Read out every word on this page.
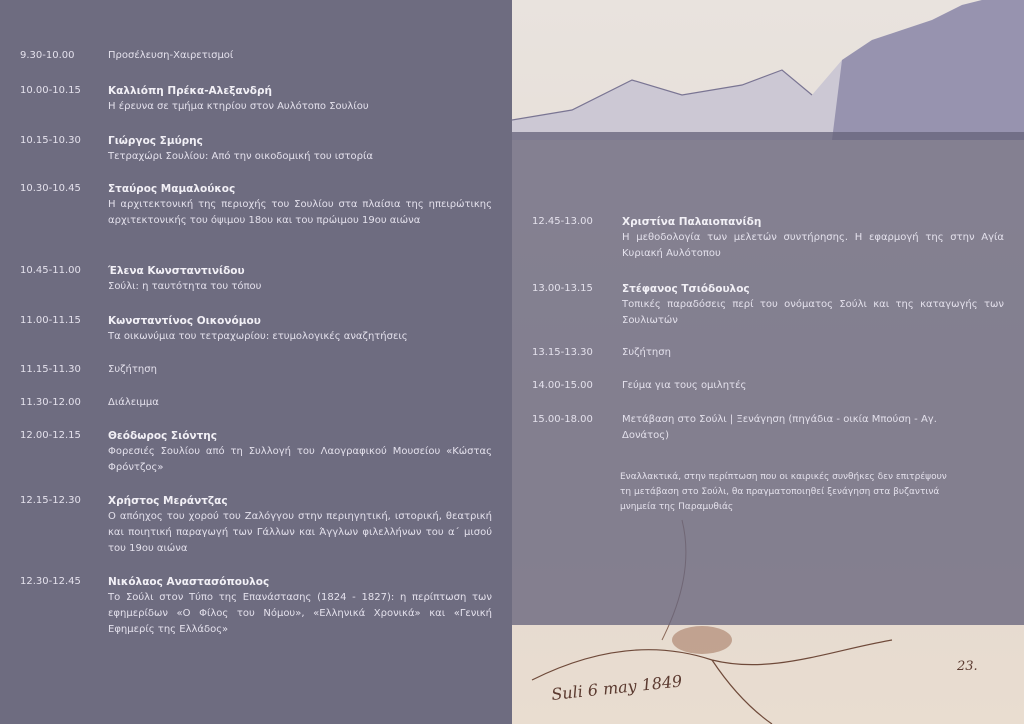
Suli 6 may 1849
23.
9.30-10.00	Προσέλευση-Χαιρετισμοί
10.00-10.15	Καλλιόπη Πρέκα-Αλεξανδρή
Η έρευνα σε τμήμα κτηρίου στον Αυλότοπο Σουλίου
10.15-10.30	Γιώργος Σμύρης
Τετραχώρι Σουλίου: Από την οικοδομική του ιστορία
10.30-10.45	Σταύρος Μαμαλούκος
Η αρχιτεκτονική της περιοχής του Σουλίου στα πλαίσια της ηπειρώτικης αρχιτεκτονικής του όψιμου 18ου και του πρώιμου 19ου αιώνα
10.45-11.00	Έλενα Κωνσταντινίδου
Σούλι: η ταυτότητα του τόπου
11.00-11.15	Κωνσταντίνος Οικονόμου
Τα οικωνύμια του τετραχωρίου: ετυμολογικές αναζητήσεις
11.15-11.30	Συζήτηση
11.30-12.00	Διάλειμμα
12.00-12.15	Θεόδωρος Σιόντης
Φορεσιές Σουλίου από τη Συλλογή του Λαογραφικού Μουσείου «Κώστας Φρόντζος»
12.15-12.30	Χρήστος Μεράντζας
Ο απόηχος του χορού του Ζαλόγγου στην περιηγητική, ιστορική, θεατρική και ποιητική παραγωγή των Γάλλων και Άγγλων φιλελλήνων του α΄ μισού του 19ου αιώνα
12.30-12.45	Νικόλαος Αναστασόπουλος
Το Σούλι στον Τύπο της Επανάστασης (1824 - 1827): η περίπτωση των εφημερίδων «Ο Φίλος του Νόμου», «Ελληνικά Χρονικά» και «Γενική Εφημερίς της Ελλάδος»
12.45-13.00	Χριστίνα Παλαιοπανίδη
Η μεθοδολογία των μελετών συντήρησης. Η εφαρμογή της στην Αγία Κυριακή Αυλότοπου
13.00-13.15	Στέφανος Τσιόδουλος
Τοπικές παραδόσεις περί του ονόματος Σούλι και της καταγωγής των Σουλιωτών
13.15-13.30	Συζήτηση
14.00-15.00	Γεύμα για τους ομιλητές
15.00-18.00	Μετάβαση στο Σούλι | Ξενάγηση (πηγάδια - οικία Μπούση - Αγ. Δονάτος)
Εναλλακτικά, στην περίπτωση που οι καιρικές συνθήκες δεν επιτρέψουν τη μετάβαση στο Σούλι, θα πραγματοποιηθεί ξενάγηση στα βυζαντινά μνημεία της Παραμυθιάς
